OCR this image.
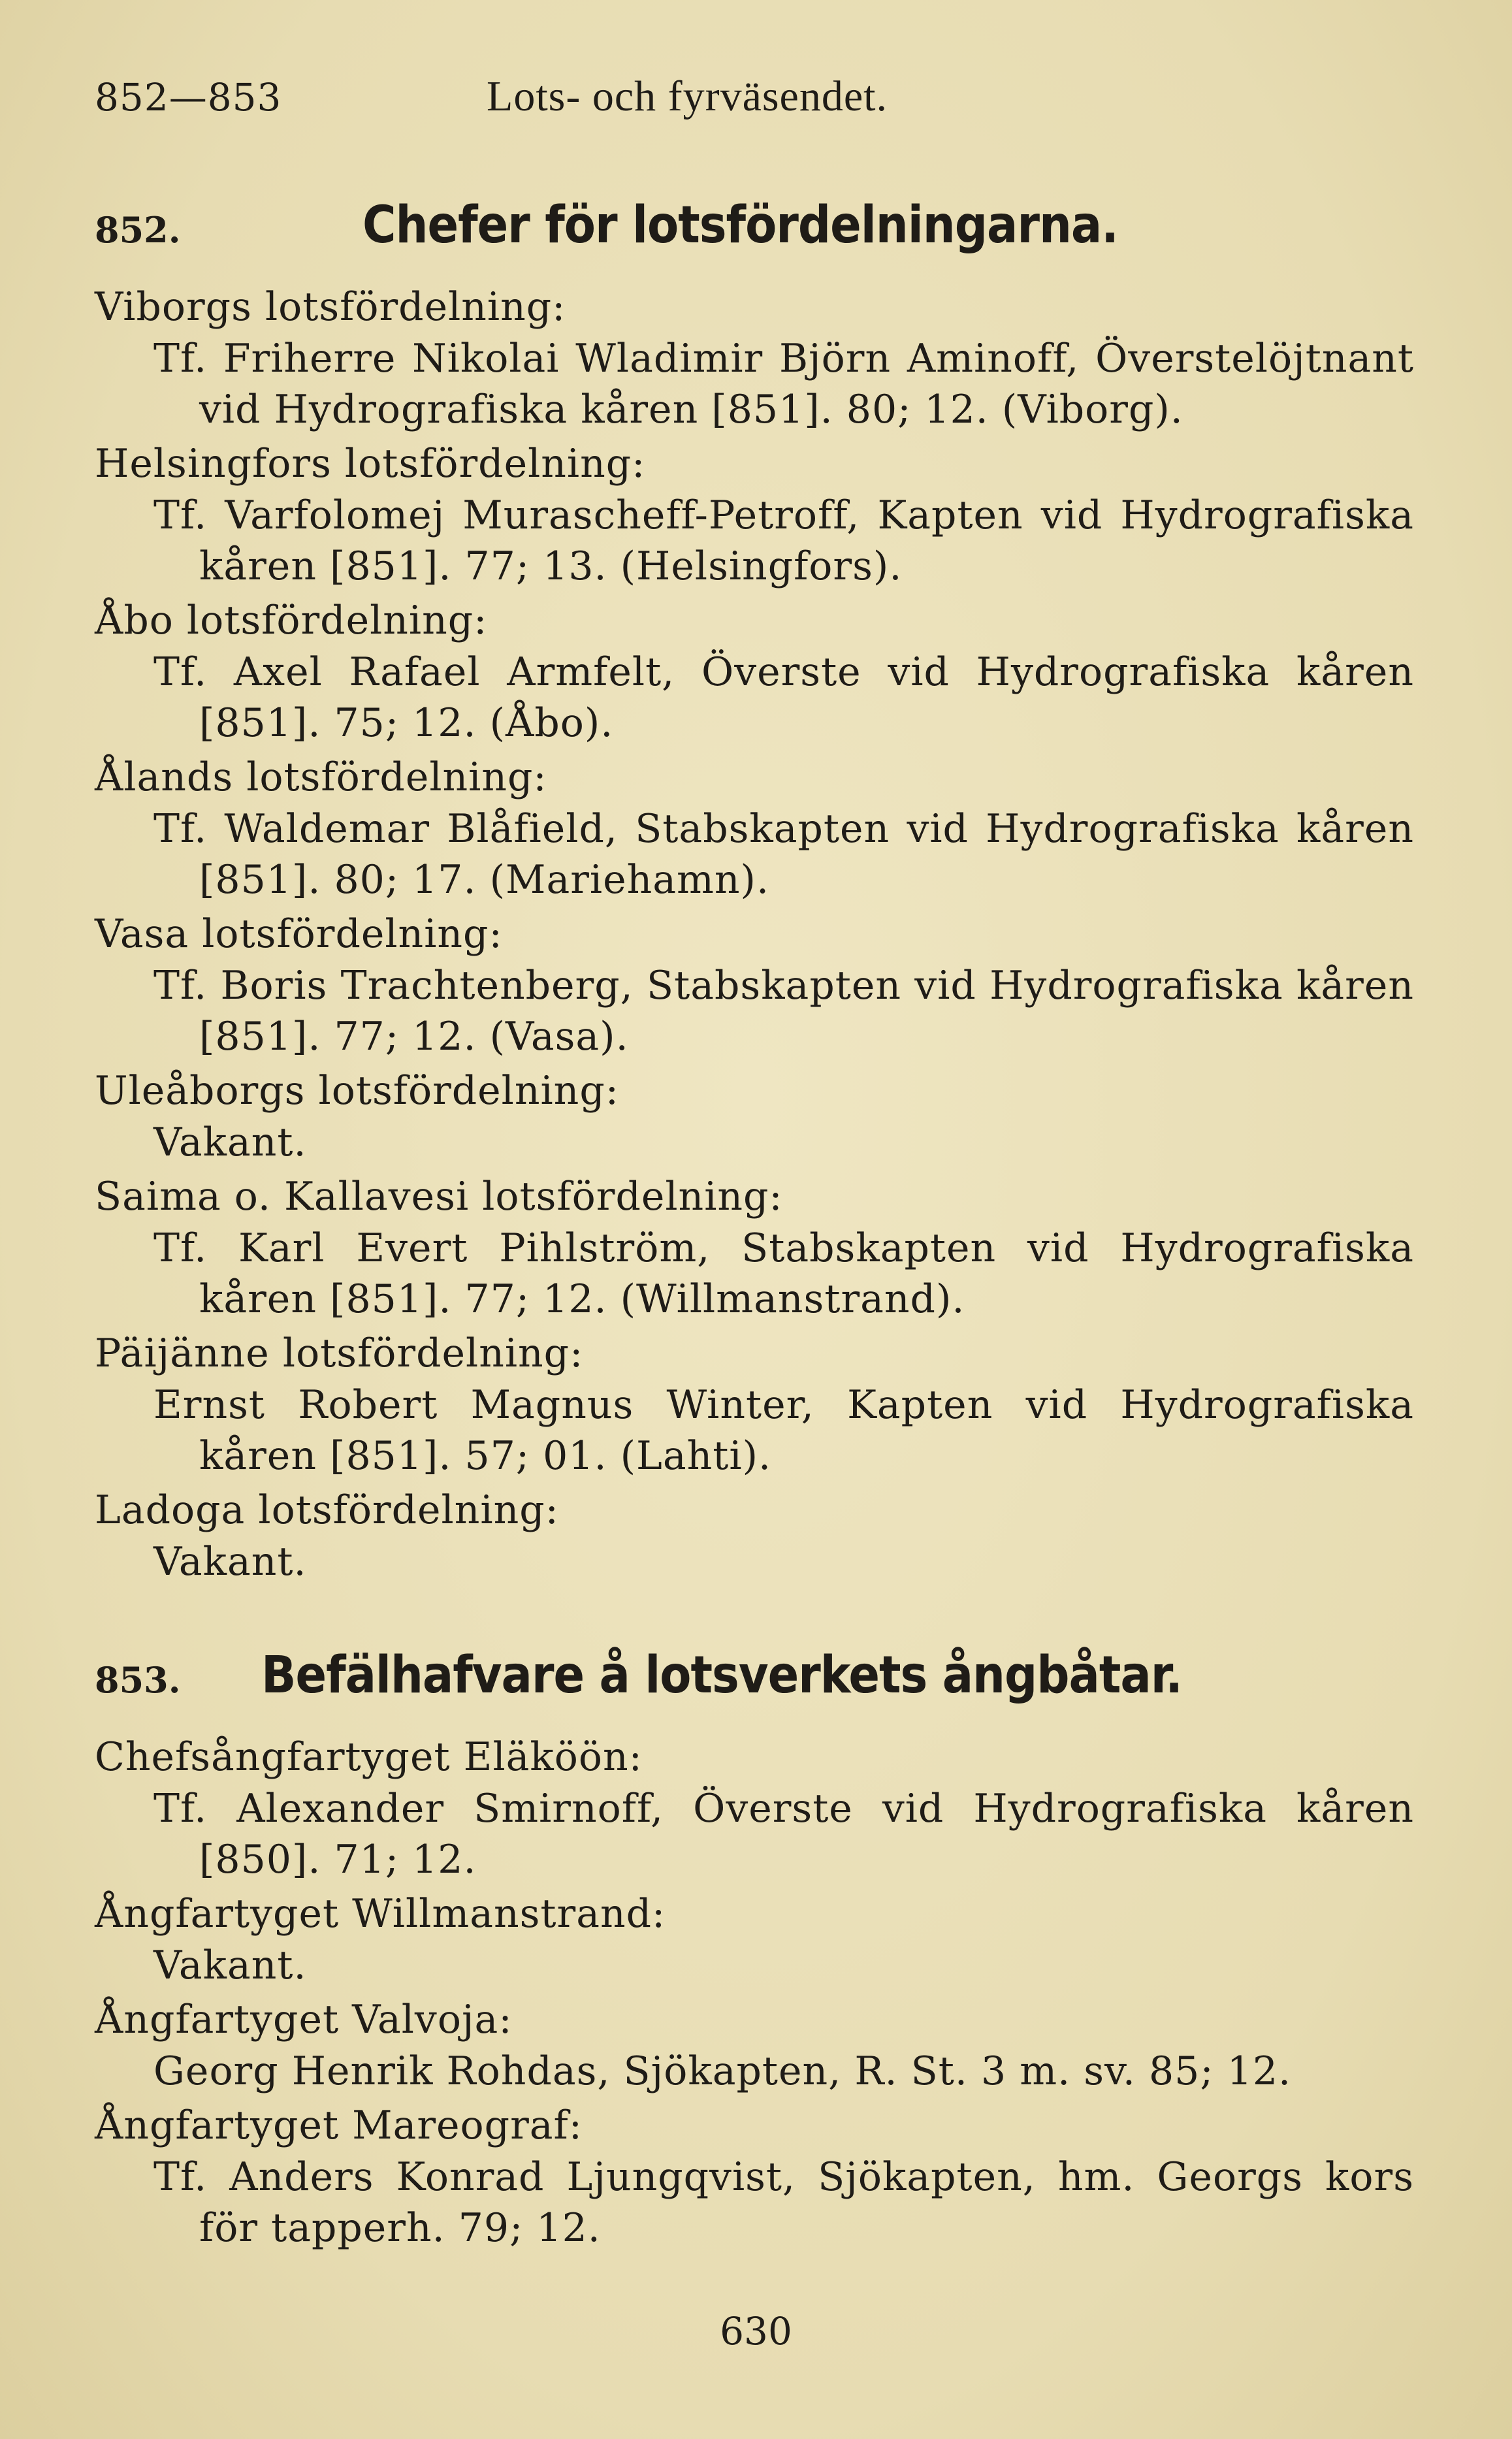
852—853	Lots- och fyrväsendet.
852.	Chefer för lotsfördelningarna.
Viborgs lotsfördelning:
Tf. Friherre Nikolai Wladimir Björn Aminoff, Överstelöjtnant vid Hydrografiska kåren [851]. 80; 12. (Viborg).
Helsingfors lotsfördelning:
Tf. Varfolomej Murascheff-Petroff, Kapten vid Hydrografiska kåren [851]. 77; 13. (Helsingfors).
Åbo lotsfördelning:
Tf. Axel Rafael Armfelt, Överste vid Hydrografiska kåren [851]. 75; 12. (Åbo).
Ålands lotsfördelning:
Tf. Waldemar Blåfield, Stabskapten vid Hydrografiska kåren [851]. 80; 17. (Mariehamn).
Vasa lotsfördelning:
Tf. Boris Trachtenberg, Stabskapten vid Hydrografiska kåren [851]. 77; 12. (Vasa).
Uleåborgs lotsfördelning:
Vakant.
Saima o. Kallavesi lotsfördelning:
Tf. Karl Evert Pihlström, Stabskapten vid Hydrografiska kåren [851]. 77; 12. (Willmanstrand).
Päijänne lotsfördelning:
Ernst Robert Magnus Winter, Kapten vid Hydrografiska kåren [851]. 57; 01. (Lahti).
Ladoga lotsfördelning:
Vakant.
853.	Befälhafvare å lotsverkets ångbåtar.
Chefsångfartyget Eläköön:
Tf. Alexander Smirnoff, Överste vid Hydrografiska kåren [850]. 71; 12.
Ångfartyget Willmanstrand:
Vakant.
Ångfartyget Valvoja:
Georg Henrik Rohdas, Sjökapten, R. St. 3 m. sv. 85; 12.
Ångfartyget Mareograf:
Tf. Anders Konrad Ljungqvist, Sjökapten, hm. Georgs kors för tapperh. 79; 12.
630
